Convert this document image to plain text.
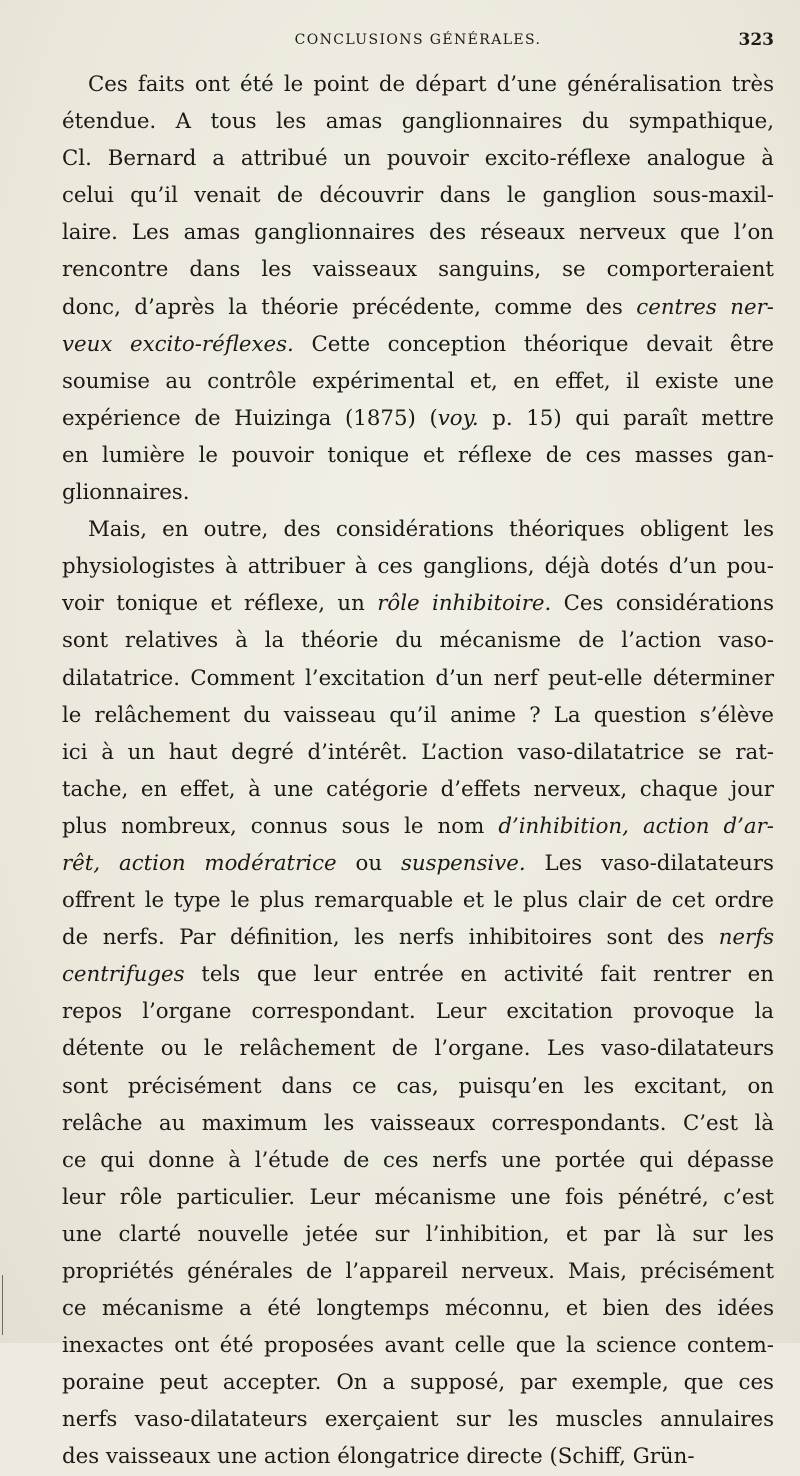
CONCLUSIONS GÉNÉRALES.	323
Ces faits ont été le point de départ d’une généralisation très
étendue. A tous les amas ganglionnaires du sympathique,
Cl. Bernard a attribué un pouvoir excito-réflexe analogue à
celui qu’il venait de découvrir dans le ganglion sous-maxil-
laire. Les amas ganglionnaires des réseaux nerveux que l’on
rencontre dans les vaisseaux sanguins, se comporteraient
donc, d’après la théorie précédente, comme des centres ner-
veux excito-réflexes. Cette conception théorique devait être
soumise au contrôle expérimental et, en effet, il existe une
expérience de Huizinga (1875) (voy. p. 15) qui paraît mettre
en lumière le pouvoir tonique et réflexe de ces masses gan-
glionnaires.
Mais, en outre, des considérations théoriques obligent les
physiologistes à attribuer à ces ganglions, déjà dotés d’un pou-
voir tonique et réflexe, un rôle inhibitoire. Ces considérations
sont relatives à la théorie du mécanisme de l’action vaso-
dilatatrice. Comment l’excitation d’un nerf peut-elle déterminer
le relâchement du vaisseau qu’il anime ? La question s’élève
ici à un haut degré d’intérêt. L’action vaso-dilatatrice se rat-
tache, en effet, à une catégorie d’effets nerveux, chaque jour
plus nombreux, connus sous le nom d’inhibition, action d’ar-
rêt, action modératrice ou suspensive. Les vaso-dilatateurs
offrent le type le plus remarquable et le plus clair de cet ordre
de nerfs. Par définition, les nerfs inhibitoires sont des nerfs
centrifuges tels que leur entrée en activité fait rentrer en
repos l’organe correspondant. Leur excitation provoque la
détente ou le relâchement de l’organe. Les vaso-dilatateurs
sont précisément dans ce cas, puisqu’en les excitant, on
relâche au maximum les vaisseaux correspondants. C’est là
ce qui donne à l’étude de ces nerfs une portée qui dépasse
leur rôle particulier. Leur mécanisme une fois pénétré, c’est
une clarté nouvelle jetée sur l’inhibition, et par là sur les
propriétés générales de l’appareil nerveux. Mais, précisément
ce mécanisme a été longtemps méconnu, et bien des idées
inexactes ont été proposées avant celle que la science contem-
poraine peut accepter. On a supposé, par exemple, que ces
nerfs vaso-dilatateurs exerçaient sur les muscles annulaires
des vaisseaux une action élongatrice directe (Schiff, Grün-
